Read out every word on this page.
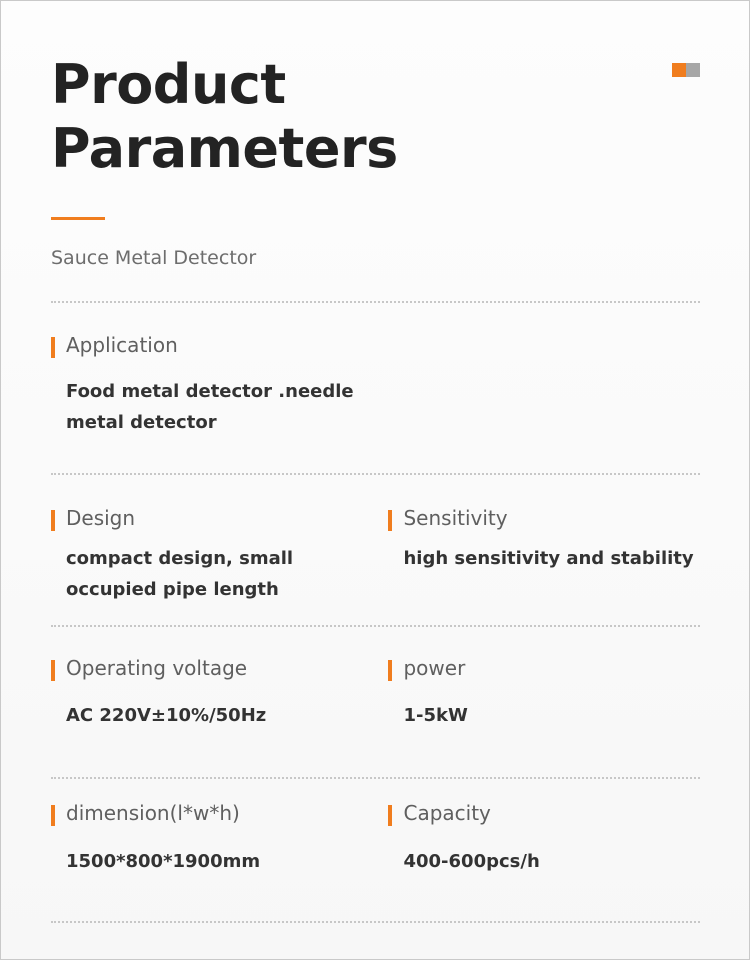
Product
Parameters
Sauce Metal Detector
Application
Food metal detector .needle metal detector
Design
compact design, small occupied pipe length
Sensitivity
high sensitivity and stability
Operating voltage
AC 220V±10%/50Hz
power
1-5kW
dimension(l*w*h)
1500*800*1900mm
Capacity
400-600pcs/h
